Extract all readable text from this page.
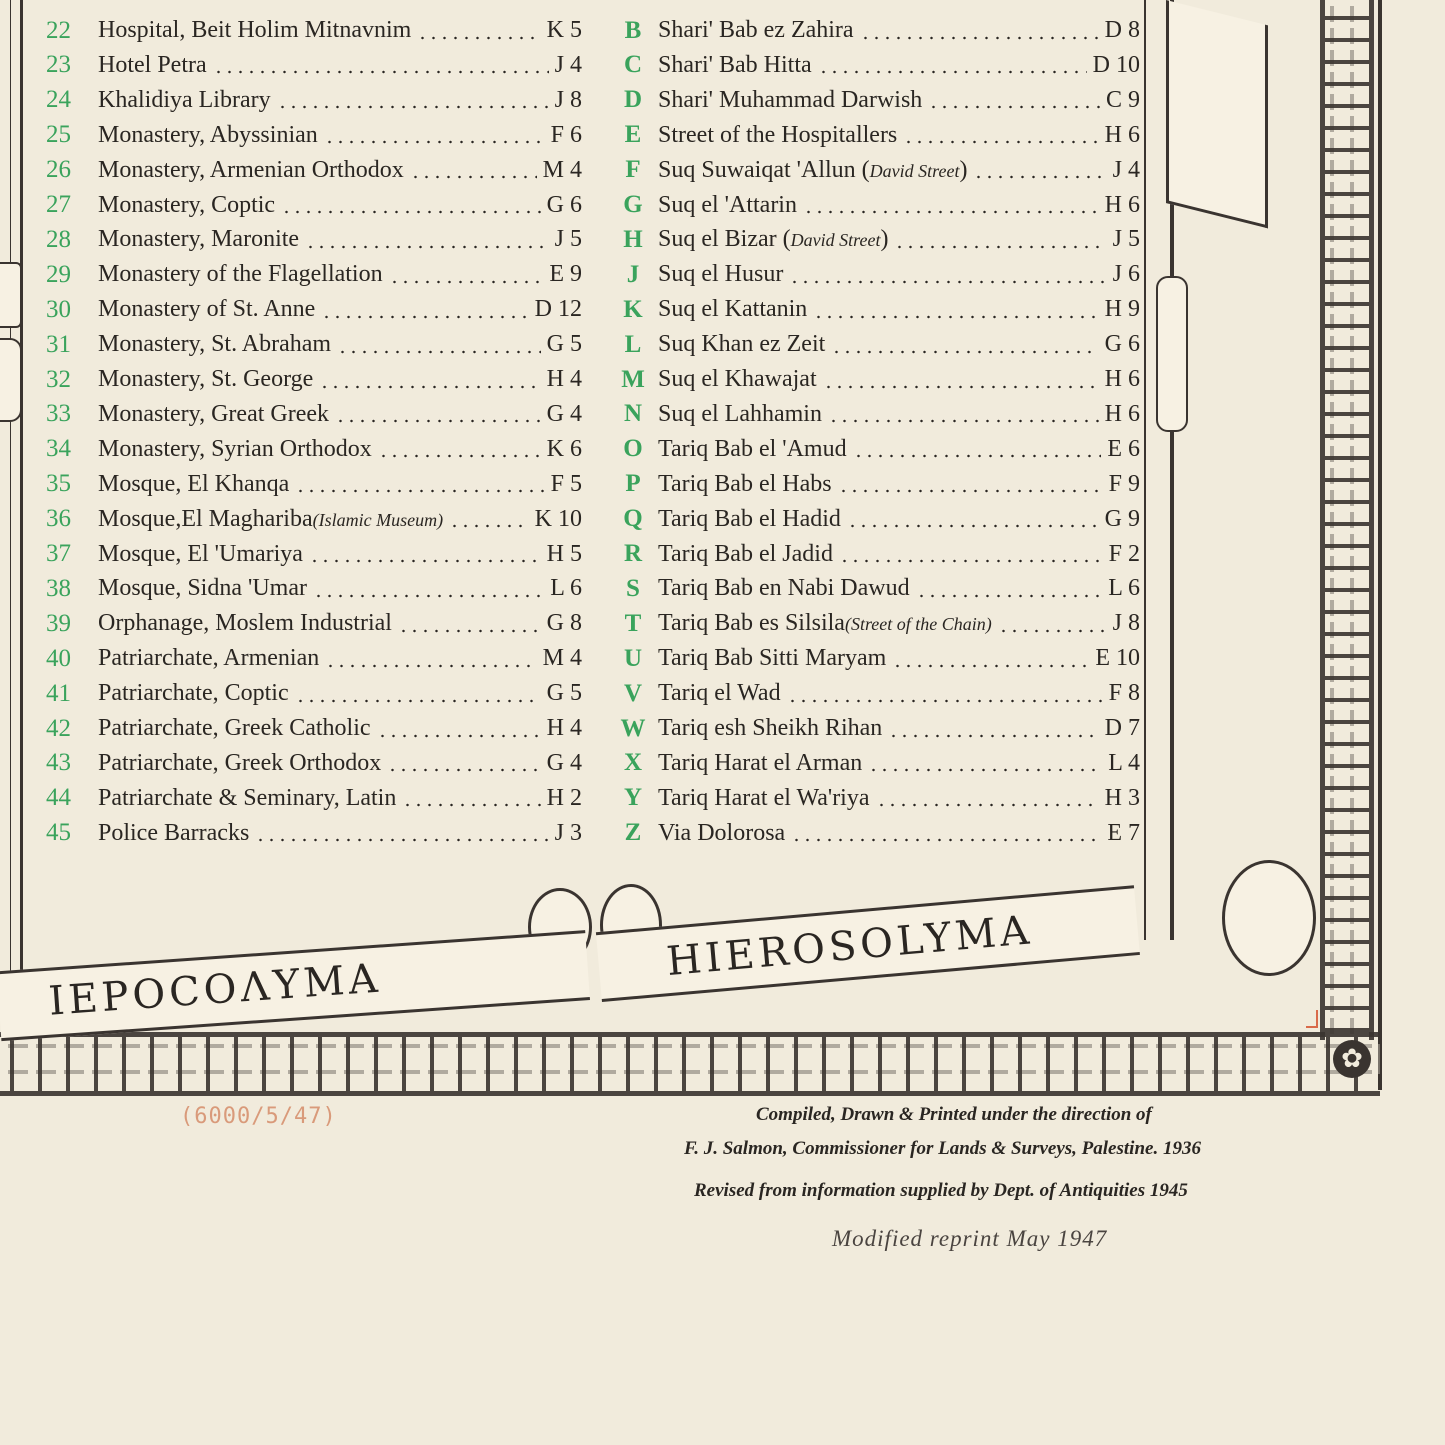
✿
ΙΕΡΟCΟΛΥΜΑ
HIEROSOLYMA
22	Hospital, Beit Holim Mitnavnim	K 5
23	Hotel Petra	J 4
24	Khalidiya Library	J 8
25	Monastery, Abyssinian	F 6
26	Monastery, Armenian Orthodox	M 4
27	Monastery, Coptic	G 6
28	Monastery, Maronite	J 5
29	Monastery of the Flagellation	E 9
30	Monastery of St. Anne	D 12
31	Monastery, St. Abraham	G 5
32	Monastery, St. George	H 4
33	Monastery, Great Greek	G 4
34	Monastery, Syrian Orthodox	K 6
35	Mosque, El Khanqa	F 5
36	Mosque,El Maghariba(Islamic Museum)	K 10
37	Mosque, El 'Umariya	H 5
38	Mosque, Sidna 'Umar	L 6
39	Orphanage, Moslem Industrial	G 8
40	Patriarchate, Armenian	M 4
41	Patriarchate, Coptic	G 5
42	Patriarchate, Greek Catholic	H 4
43	Patriarchate, Greek Orthodox	G 4
44	Patriarchate & Seminary, Latin	H 2
45	Police Barracks	J 3
B Shari' Bab ez Zahira	D 8
C Shari' Bab Hitta	D 10
D Shari' Muhammad Darwish	C 9
E Street of the Hospitallers	H 6
F Suq Suwaiqat 'Allun (David Street)	J 4
G Suq el 'Attarin	H 6
H Suq el Bizar (David Street)	J 5
J Suq el Husur	J 6
K Suq el Kattanin	H 9
L Suq Khan ez Zeit	G 6
M Suq el Khawajat	H 6
N Suq el Lahhamin	H 6
O Tariq Bab el 'Amud	E 6
P Tariq Bab el Habs	F 9
Q Tariq Bab el Hadid	G 9
R Tariq Bab el Jadid	F 2
S Tariq Bab en Nabi Dawud	L 6
T Tariq Bab es Silsila(Street of the Chain)	J 8
U Tariq Bab Sitti Maryam	E 10
V Tariq el Wad	F 8
W Tariq esh Sheikh Rihan	D 7
X Tariq Harat el Arman	L 4
Y Tariq Harat el Wa'riya	H 3
Z Via Dolorosa	E 7
(6000/5/47)	Compiled, Drawn & Printed under the direction of
F. J. Salmon, Commissioner for Lands & Surveys, Palestine. 1936
Revised from information supplied by Dept. of Antiquities 1945
Modified reprint May 1947
